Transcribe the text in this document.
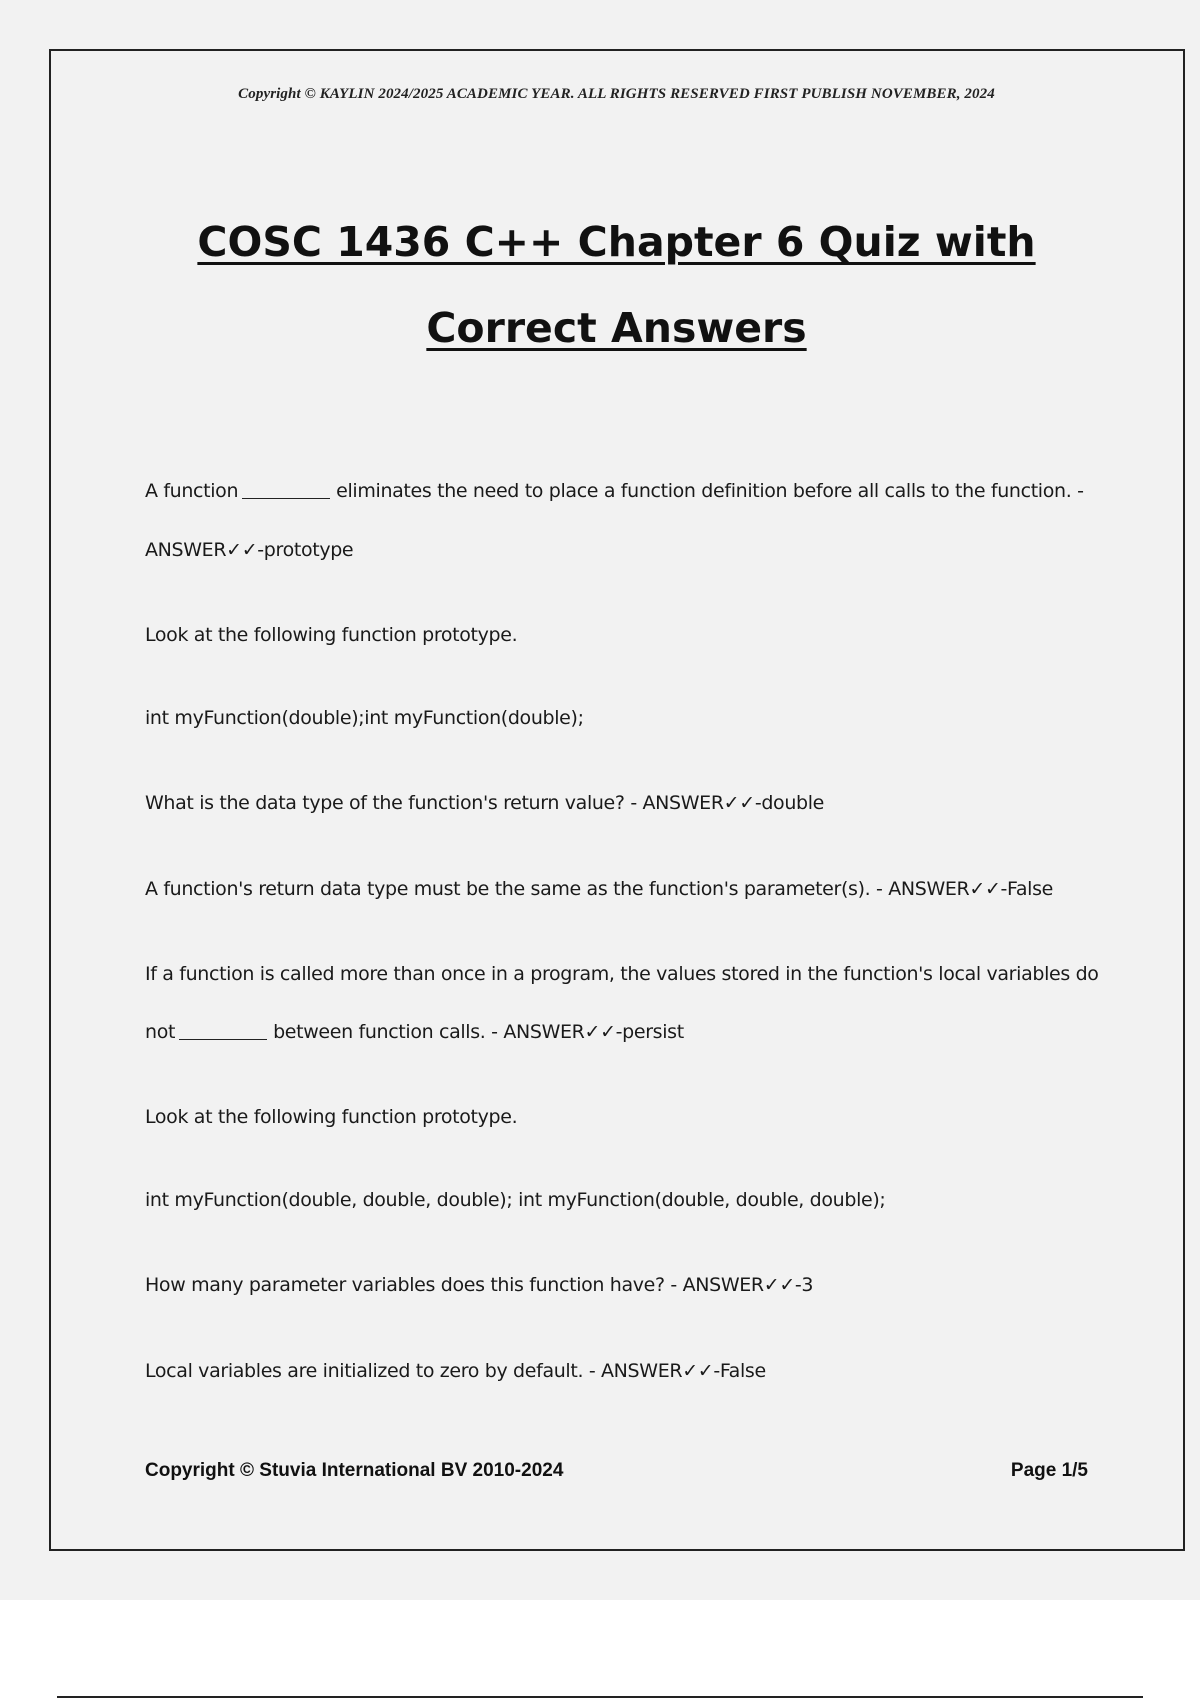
Copyright © KAYLIN 2024/2025 ACADEMIC YEAR. ALL RIGHTS RESERVED FIRST PUBLISH NOVEMBER, 2024
COSC 1436 C++ Chapter 6 Quiz with
Correct Answers
A function	eliminates the need to place a function definition before all calls to the function. -
ANSWER✓✓-prototype
Look at the following function prototype.
int myFunction(double);int myFunction(double);
What is the data type of the function's return value? - ANSWER✓✓-double
A function's return data type must be the same as the function's parameter(s). - ANSWER✓✓-False
If a function is called more than once in a program, the values stored in the function's local variables do
not	between function calls. - ANSWER✓✓-persist
Look at the following function prototype.
int myFunction(double, double, double); int myFunction(double, double, double);
How many parameter variables does this function have? - ANSWER✓✓-3
Local variables are initialized to zero by default. - ANSWER✓✓-False
Copyright © Stuvia International BV 2010-2024	Page 1/5
